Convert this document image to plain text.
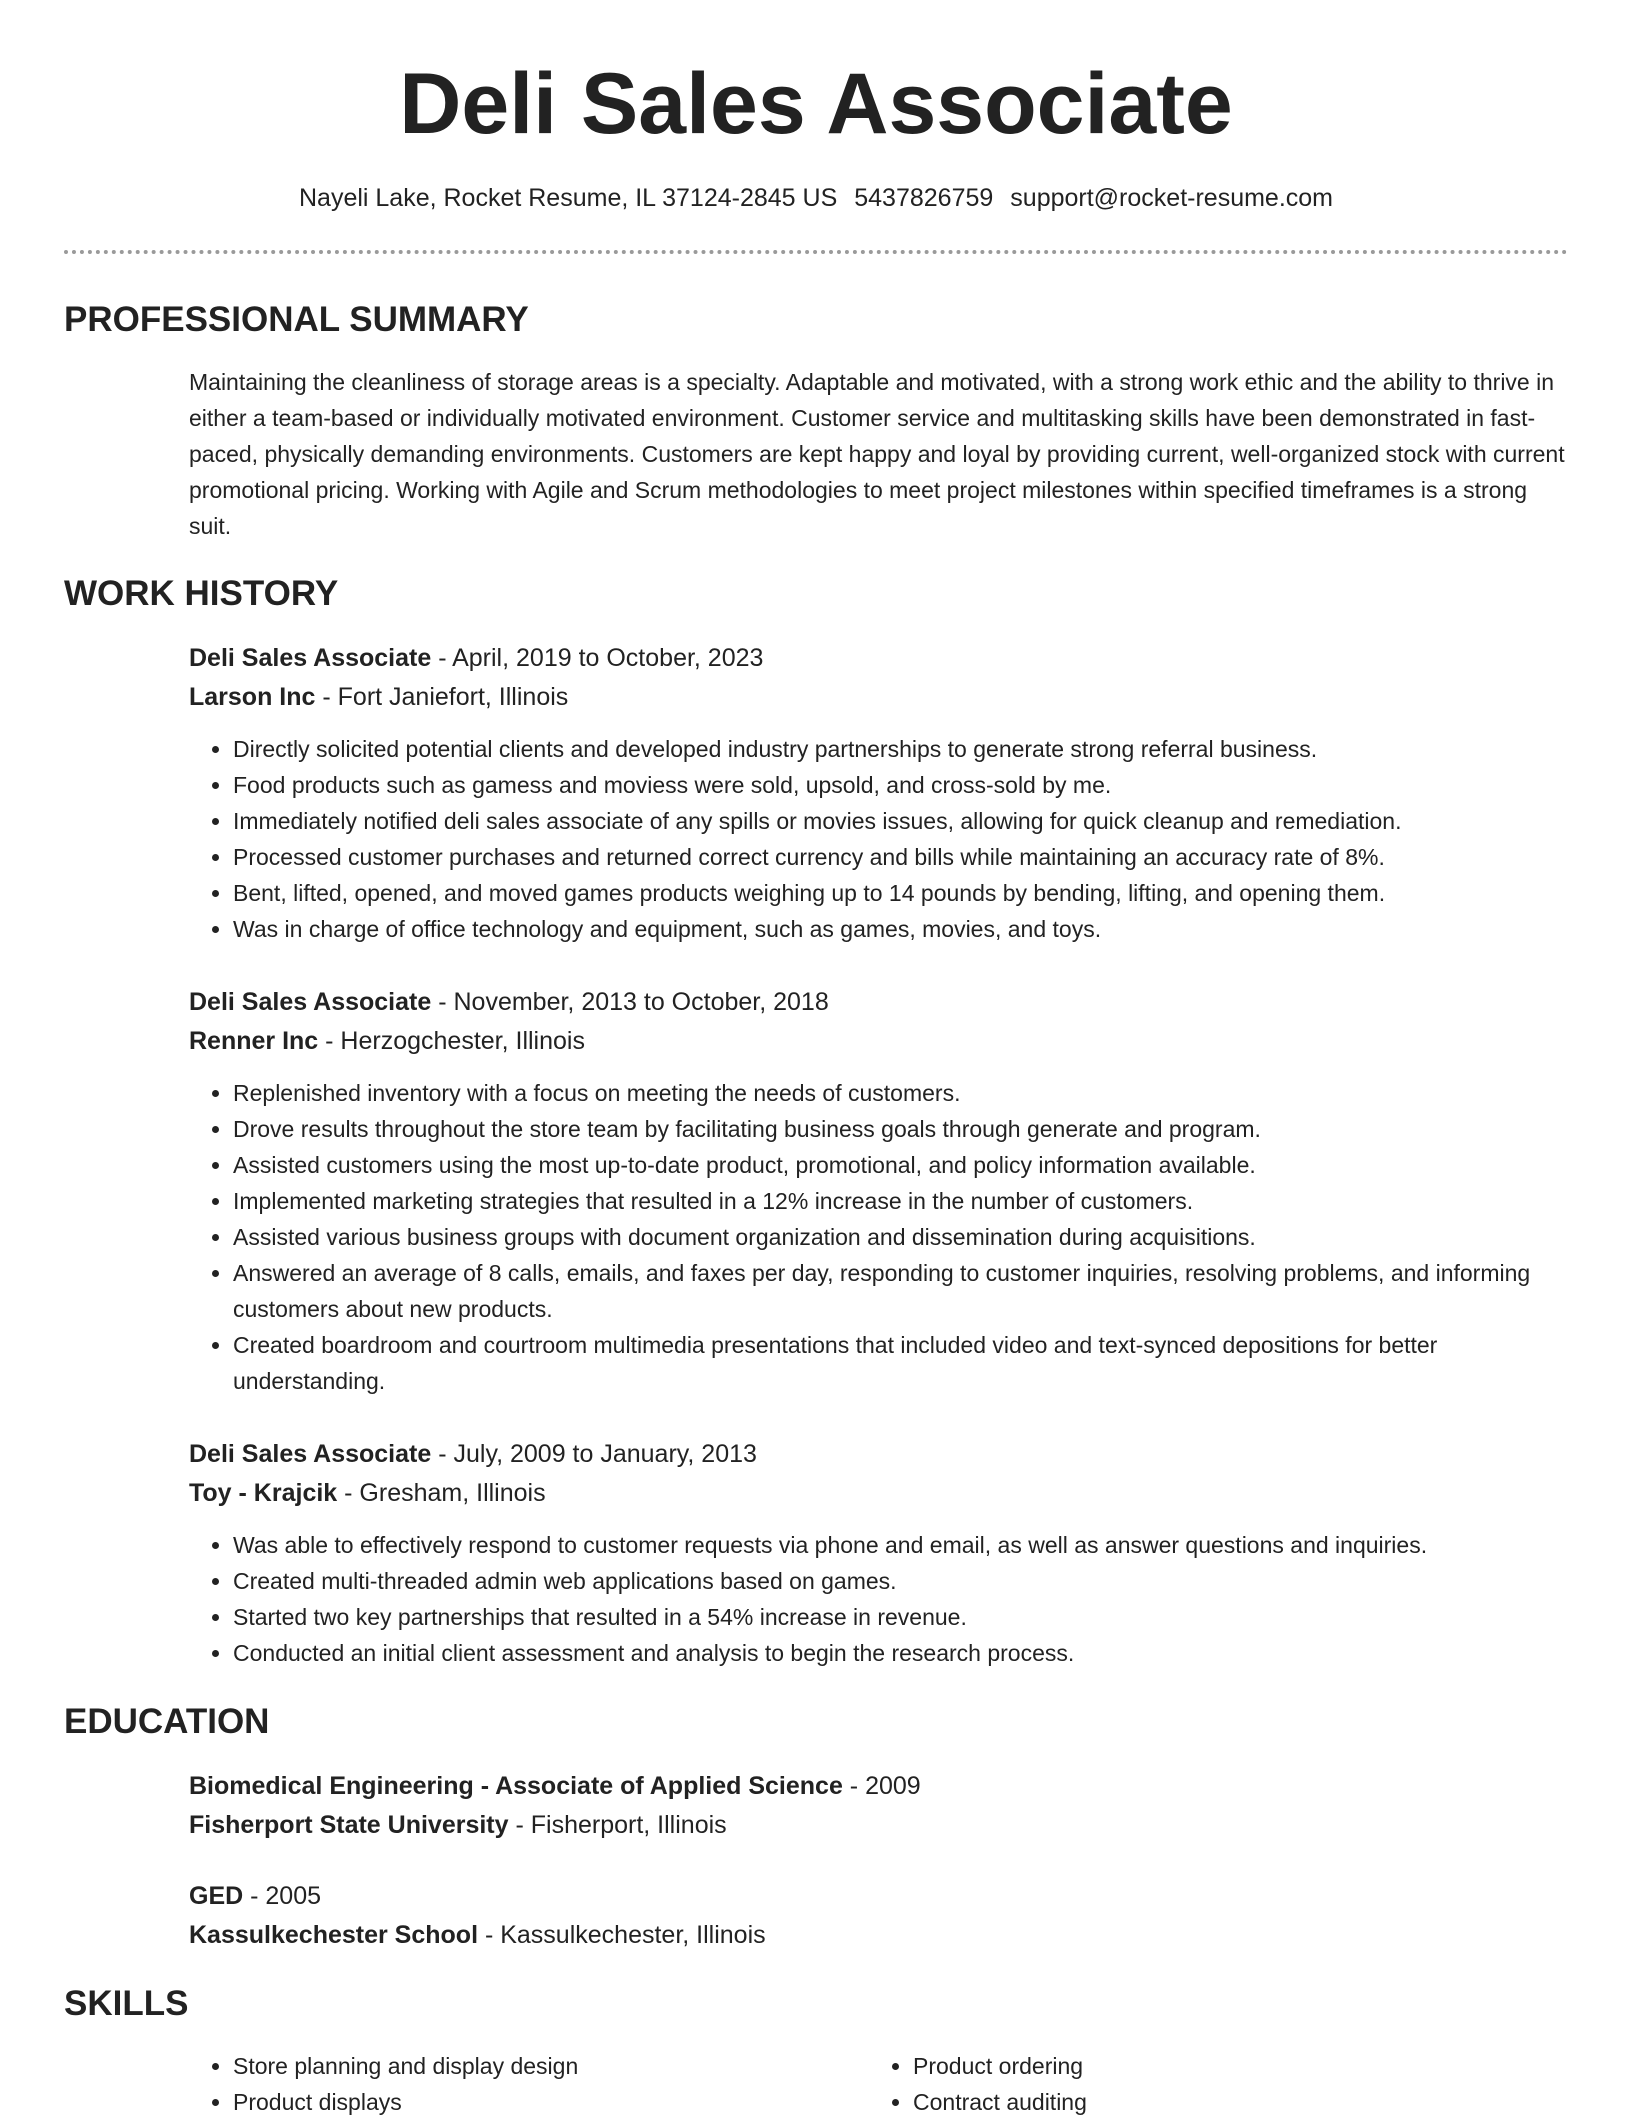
Deli Sales Associate
Nayeli Lake, Rocket Resume, IL 37124-2845 US 5437826759 support@rocket-resume.com
PROFESSIONAL SUMMARY

Maintaining the cleanliness of storage areas is a specialty. Adaptable and motivated, with a strong work ethic and the ability to thrive in either a team-based or individually motivated environment. Customer service and multitasking skills have been demonstrated in fast-paced, physically demanding environments. Customers are kept happy and loyal by providing current, well-organized stock with current promotional pricing. Working with Agile and Scrum methodologies to meet project milestones within specified timeframes is a strong suit.

WORK HISTORY

Deli Sales Associate - April, 2019 to October, 2023

Larson Inc - Fort Janiefort, Illinois

• Directly solicited potential clients and developed industry partnerships to generate strong referral business.
• Food products such as gamess and moviess were sold, upsold, and cross-sold by me.
• Immediately notified deli sales associate of any spills or movies issues, allowing for quick cleanup and remediation.
• Processed customer purchases and returned correct currency and bills while maintaining an accuracy rate of 8%.
• Bent, lifted, opened, and moved games products weighing up to 14 pounds by bending, lifting, and opening them.
• Was in charge of office technology and equipment, such as games, movies, and toys.

Deli Sales Associate - November, 2013 to October, 2018

Renner Inc - Herzogchester, Illinois

• Replenished inventory with a focus on meeting the needs of customers.
• Drove results throughout the store team by facilitating business goals through generate and program.
• Assisted customers using the most up-to-date product, promotional, and policy information available.
• Implemented marketing strategies that resulted in a 12% increase in the number of customers.
• Assisted various business groups with document organization and dissemination during acquisitions.
• Answered an average of 8 calls, emails, and faxes per day, responding to customer inquiries, resolving problems, and informing customers about new products.
• Created boardroom and courtroom multimedia presentations that included video and text-synced depositions for better understanding.

Deli Sales Associate - July, 2009 to January, 2013

Toy - Krajcik - Gresham, Illinois

• Was able to effectively respond to customer requests via phone and email, as well as answer questions and inquiries.
• Created multi-threaded admin web applications based on games.
• Started two key partnerships that resulted in a 54% increase in revenue.
• Conducted an initial client assessment and analysis to begin the research process.
EDUCATION

Biomedical Engineering - Associate of Applied Science - 2009

Fisherport State University - Fisherport, Illinois

GED - 2005

Kassulkechester School - Kassulkechester, Illinois

SKILLS
• Store planning and display design
• Product displays
• Product ordering
• Contract auditing
